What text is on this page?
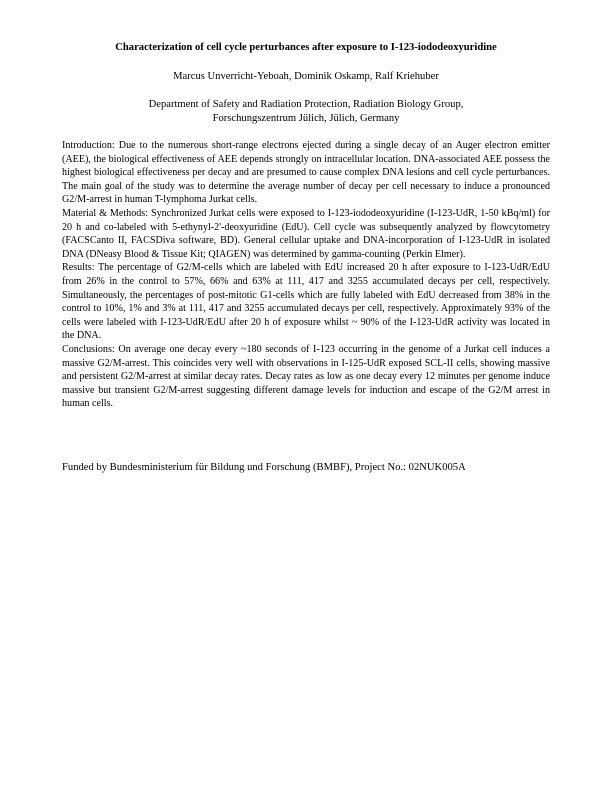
Characterization of cell cycle perturbances after exposure to I-123-iododeoxyuridine
Marcus Unverricht-Yeboah, Dominik Oskamp, Ralf Kriehuber
Department of Safety and Radiation Protection, Radiation Biology Group,
Forschungszentrum Jülich, Jülich, Germany

Introduction: Due to the numerous short-range electrons ejected during a single decay of an Auger electron emitter (AEE), the biological effectiveness of AEE depends strongly on intracellular location. DNA-associated AEE possess the highest biological effectiveness per decay and are presumed to cause complex DNA lesions and cell cycle perturbances. The main goal of the study was to determine the average number of decay per cell necessary to induce a pronounced G2/M-arrest in human T-lymphoma Jurkat cells.

Material & Methods: Synchronized Jurkat cells were exposed to I-123-iododeoxyuridine (I-123-UdR, 1-50 kBq/ml) for 20 h and co-labeled with 5-ethynyl-2'-deoxyuridine (EdU). Cell cycle was subsequently analyzed by flowcytometry (FACSCanto II, FACSDiva software, BD). General cellular uptake and DNA-incorporation of I-123-UdR in isolated DNA (DNeasy Blood & Tissue Kit; QIAGEN) was determined by gamma-counting (Perkin Elmer).

Results: The percentage of G2/M-cells which are labeled with EdU increased 20 h after exposure to I-123-UdR/EdU from 26% in the control to 57%, 66% and 63% at 111, 417 and 3255 accumulated decays per cell, respectively. Simultaneously, the percentages of post-mitotic G1-cells which are fully labeled with EdU decreased from 38% in the control to 10%, 1% and 3% at 111, 417 and 3255 accumulated decays per cell, respectively. Approximately 93% of the cells were labeled with I-123-UdR/EdU after 20 h of exposure whilst ~ 90% of the I-123-UdR activity was located in the DNA.

Conclusions: On average one decay every ~180 seconds of I-123 occurring in the genome of a Jurkat cell induces a massive G2/M-arrest. This coincides very well with observations in I-125-UdR exposed SCL-II cells, showing massive and persistent G2/M-arrest at similar decay rates. Decay rates as low as one decay every 12 minutes per genome induce massive but transient G2/M-arrest suggesting different damage levels for induction and escape of the G2/M arrest in human cells.

Funded by Bundesministerium für Bildung und Forschung (BMBF), Project No.: 02NUK005A
